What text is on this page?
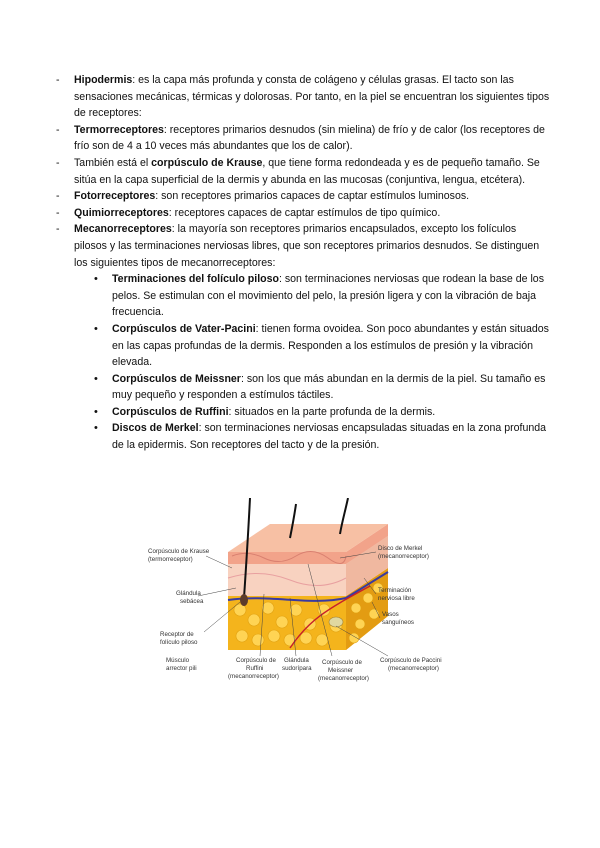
- Hipodermis: es la capa más profunda y consta de colágeno y células grasas. El tacto son las sensaciones mecánicas, térmicas y dolorosas. Por tanto, en la piel se encuentran los siguientes tipos de receptores:
- Termorreceptores: receptores primarios desnudos (sin mielina) de frío y de calor (los receptores de frío son de 4 a 10 veces más abundantes que los de calor).
- También está el corpúsculo de Krause, que tiene forma redondeada y es de pequeño tamaño. Se sitúa en la capa superficial de la dermis y abunda en las mucosas (conjuntiva, lengua, etcétera).
- Fotorreceptores: son receptores primarios capaces de captar estímulos luminosos.
- Quimiorreceptores: receptores capaces de captar estímulos de tipo químico.
- Mecanorreceptores: la mayoría son receptores primarios encapsulados, excepto los folículos pilosos y las terminaciones nerviosas libres, que son receptores primarios desnudos. Se distinguen los siguientes tipos de mecanorreceptores:
• Terminaciones del folículo piloso: son terminaciones nerviosas que rodean la base de los pelos. Se estimulan con el movimiento del pelo, la presión ligera y con la vibración de baja frecuencia.
• Corpúsculos de Vater-Pacini: tienen forma ovoidea. Son poco abundantes y están situados en las capas profundas de la dermis. Responden a los estímulos de presión y la vibración elevada.
• Corpúsculos de Meissner: son los que más abundan en la dermis de la piel. Su tamaño es muy pequeño y responden a estímulos táctiles.
• Corpúsculos de Ruffini: situados en la parte profunda de la dermis.
• Discos de Merkel: son terminaciones nerviosas encapsuladas situadas en la zona profunda de la epidermis. Son receptores del tacto y de la presión.
Corpúsculo de Krause
(termorreceptor)
Glándula
sebácea
Receptor de
folículo piloso
Músculo
arrector pili
Corpúsculo de
Ruffini
(mecanorreceptor)
Glándula
sudorípara
Corpúsculo de
Meissner
(mecanorreceptor)
Corpúsculo de Paccini
(mecanorreceptor)
Disco de Merkel
(mecanorreceptor)
Terminación
nerviosa libre
Vasos
sanguíneos
